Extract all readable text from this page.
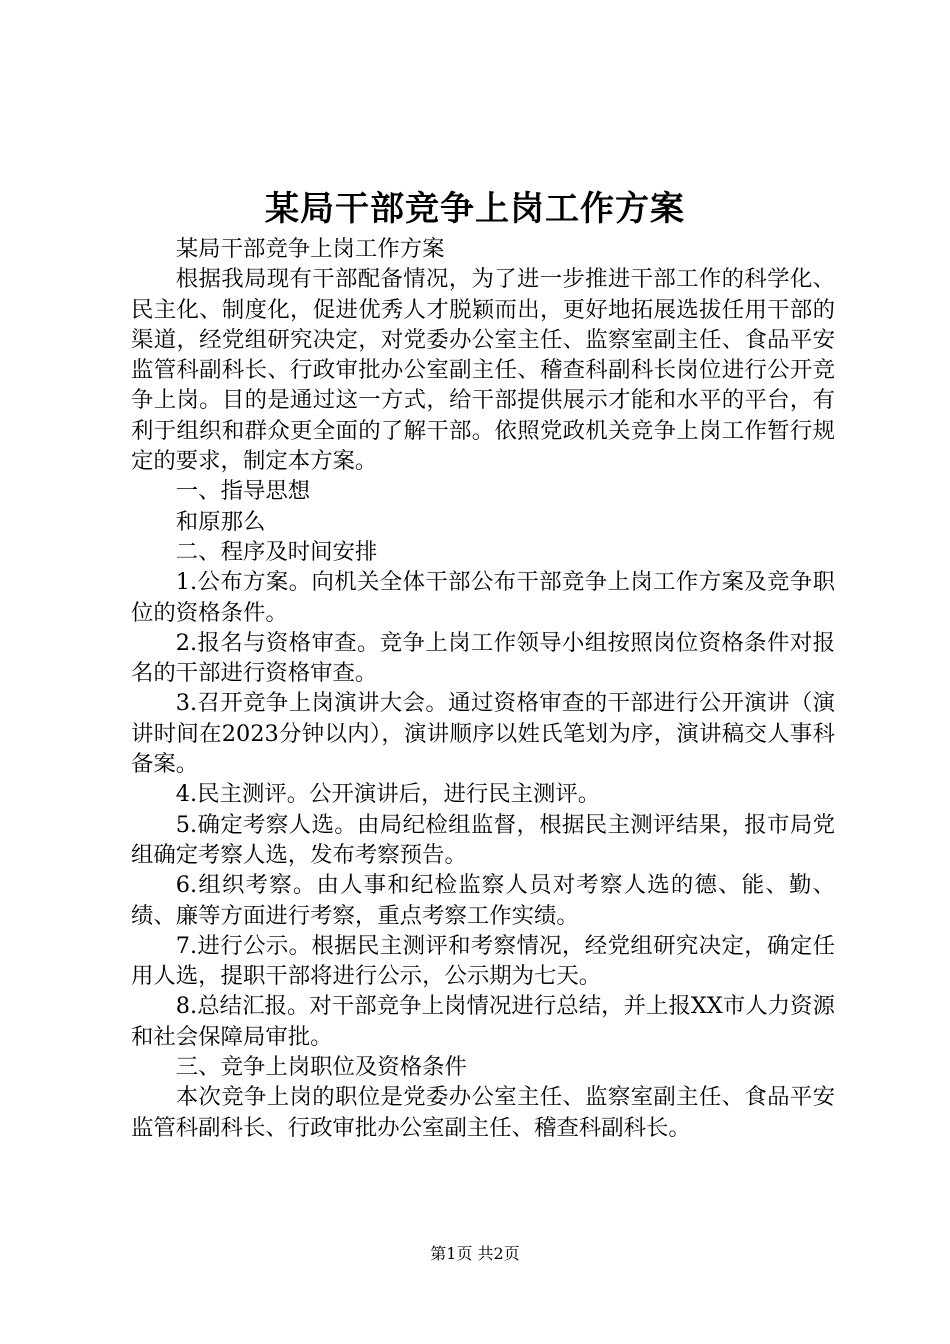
某局干部竞争上岗工作方案

某局干部竞争上岗工作方案

根据我局现有干部配备情况，为了进一步推进干部工作的科学化、民主化、制度化，促进优秀人才脱颖而出，更好地拓展选拔任用干部的渠道，经党组研究决定，对党委办公室主任、监察室副主任、食品平安监管科副科长、行政审批办公室副主任、稽查科副科长岗位进行公开竞争上岗。目的是通过这一方式，给干部提供展示才能和水平的平台，有利于组织和群众更全面的了解干部。依照党政机关竞争上岗工作暂行规定的要求，制定本方案。

一、指导思想

和原那么

二、程序及时间安排

1.公布方案。向机关全体干部公布干部竞争上岗工作方案及竞争职位的资格条件。

2.报名与资格审查。竞争上岗工作领导小组按照岗位资格条件对报名的干部进行资格审查。

3.召开竞争上岗演讲大会。通过资格审查的干部进行公开演讲（演讲时间在2023分钟以内），演讲顺序以姓氏笔划为序，演讲稿交人事科备案。

4.民主测评。公开演讲后，进行民主测评。

5.确定考察人选。由局纪检组监督，根据民主测评结果，报市局党组确定考察人选，发布考察预告。

6.组织考察。由人事和纪检监察人员对考察人选的德、能、勤、绩、廉等方面进行考察，重点考察工作实绩。

7.进行公示。根据民主测评和考察情况，经党组研究决定，确定任用人选，提职干部将进行公示，公示期为七天。

8.总结汇报。对干部竞争上岗情况进行总结，并上报XX市人力资源和社会保障局审批。

三、竞争上岗职位及资格条件

本次竞争上岗的职位是党委办公室主任、监察室副主任、食品平安监管科副科长、行政审批办公室副主任、稽查科副科长。

第1页 共2页
